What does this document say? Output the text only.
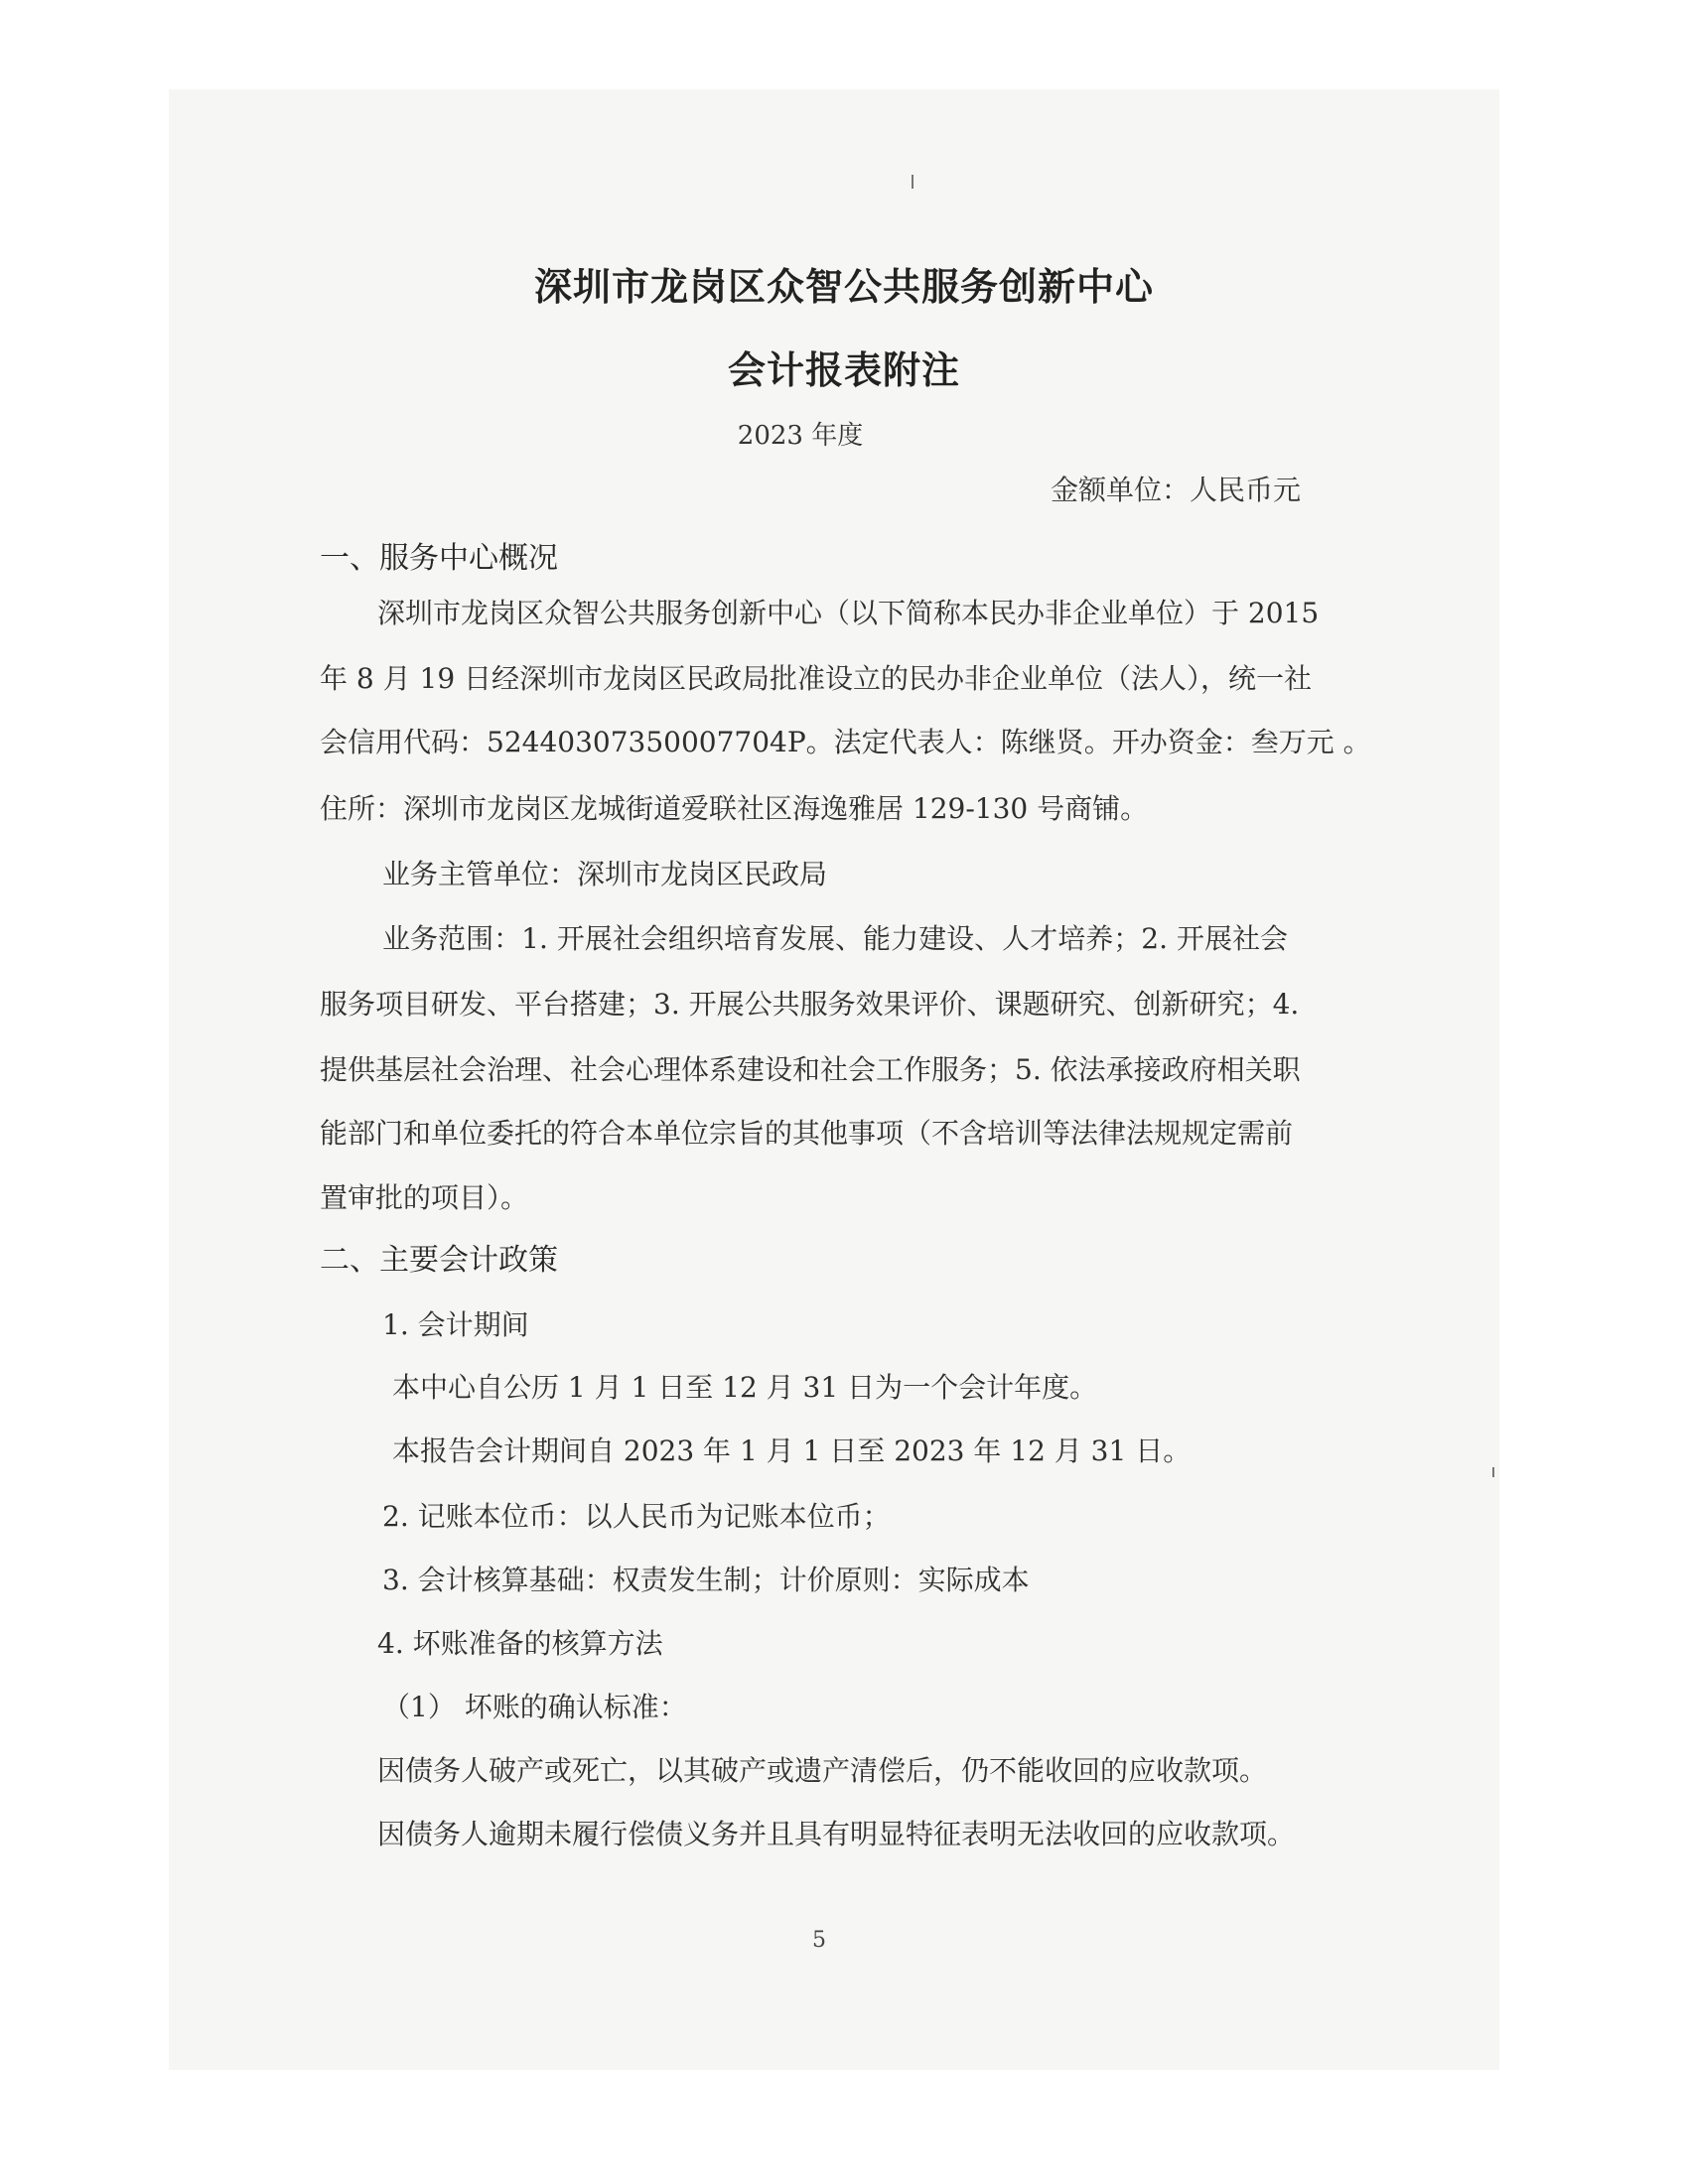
深圳市龙岗区众智公共服务创新中心
会计报表附注
2023 年度
金额单位：人民币元
一、服务中心概况
深圳市龙岗区众智公共服务创新中心（以下简称本民办非企业单位）于 2015
年 8 月 19 日经深圳市龙岗区民政局批准设立的民办非企业单位（法人），统一社
会信用代码：52440307350007704P。法定代表人：陈继贤。开办资金：叁万元 。
住所：深圳市龙岗区龙城街道爱联社区海逸雅居 129-130 号商铺。
业务主管单位：深圳市龙岗区民政局
业务范围：1. 开展社会组织培育发展、能力建设、人才培养；2. 开展社会
服务项目研发、平台搭建；3. 开展公共服务效果评价、课题研究、创新研究；4.
提供基层社会治理、社会心理体系建设和社会工作服务；5. 依法承接政府相关职
能部门和单位委托的符合本单位宗旨的其他事项（不含培训等法律法规规定需前
置审批的项目）。
二、主要会计政策
1. 会计期间
本中心自公历 1 月 1 日至 12 月 31 日为一个会计年度。
本报告会计期间自 2023 年 1 月 1 日至 2023 年 12 月 31 日。
2. 记账本位币：以人民币为记账本位币；
3. 会计核算基础：权责发生制；计价原则：实际成本
4. 坏账准备的核算方法
（1） 坏账的确认标准：
因债务人破产或死亡，以其破产或遗产清偿后，仍不能收回的应收款项。
因债务人逾期未履行偿债义务并且具有明显特征表明无法收回的应收款项。
5
